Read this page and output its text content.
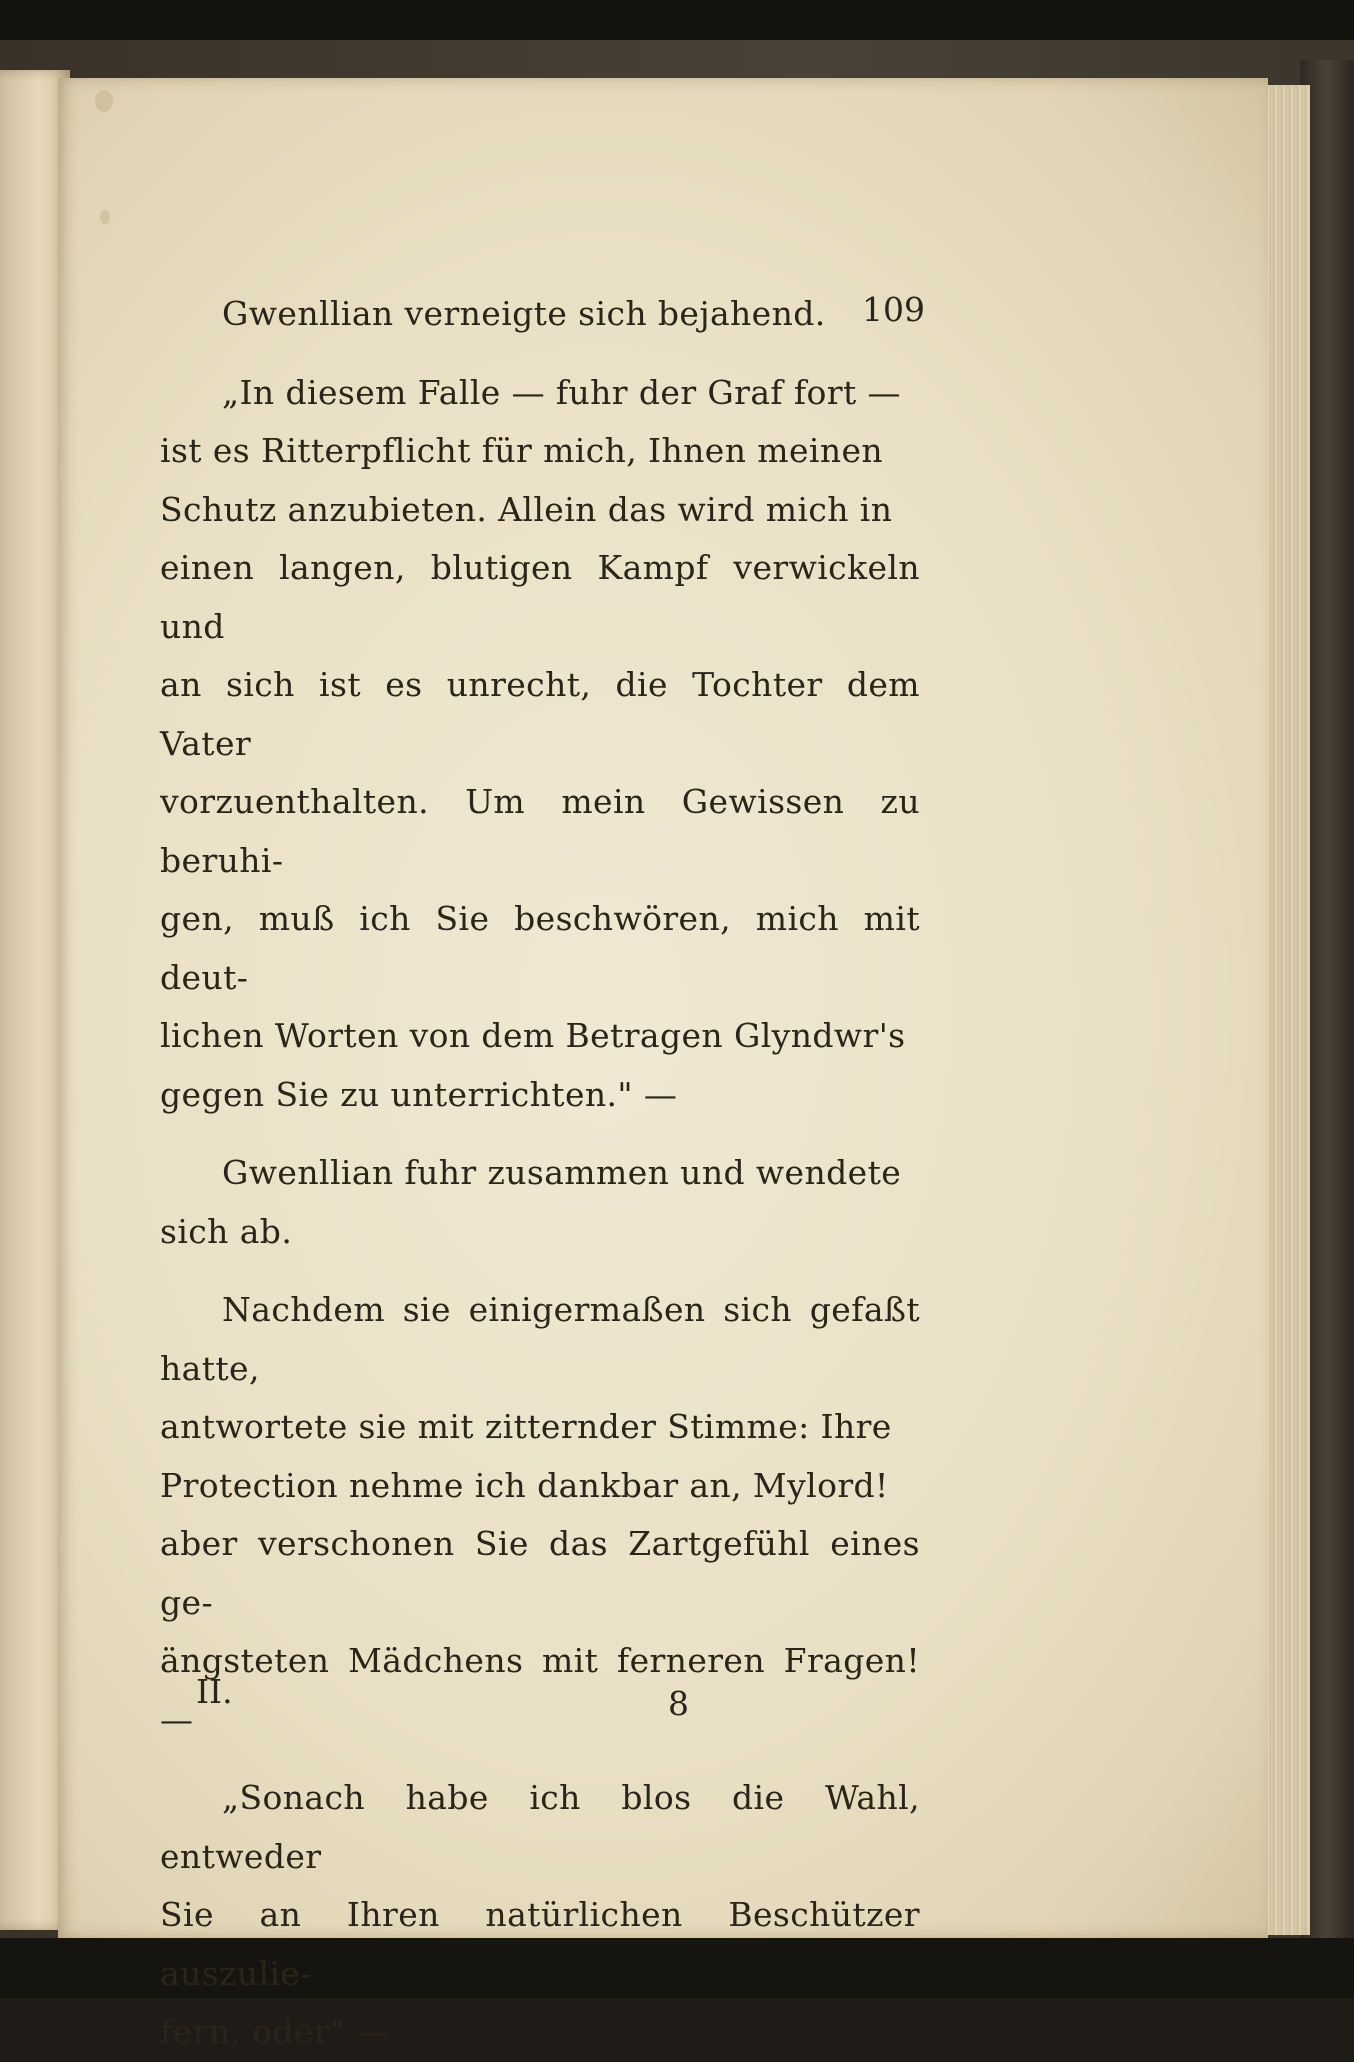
109

Gwenllian verneigte sich bejahend.

„In diesem Falle — fuhr der Graf fort —
ist es Ritterpflicht für mich, Ihnen meinen
Schutz anzubieten. Allein das wird mich in
einen langen, blutigen Kampf verwickeln und
an sich ist es unrecht, die Tochter dem Vater
vorzuenthalten. Um mein Gewissen zu beruhi-
gen, muß ich Sie beschwören, mich mit deut-
lichen Worten von dem Betragen Glyndwr's
gegen Sie zu unterrichten." —

Gwenllian fuhr zusammen und wendete
sich ab.

Nachdem sie einigermaßen sich gefaßt hatte,
antwortete sie mit zitternder Stimme: Ihre
Protection nehme ich dankbar an, Mylord!
aber verschonen Sie das Zartgefühl eines ge-
ängsteten Mädchens mit ferneren Fragen! —

„Sonach habe ich blos die Wahl, entweder
Sie an Ihren natürlichen Beschützer auszulie-
fern, oder" —

II.	8
